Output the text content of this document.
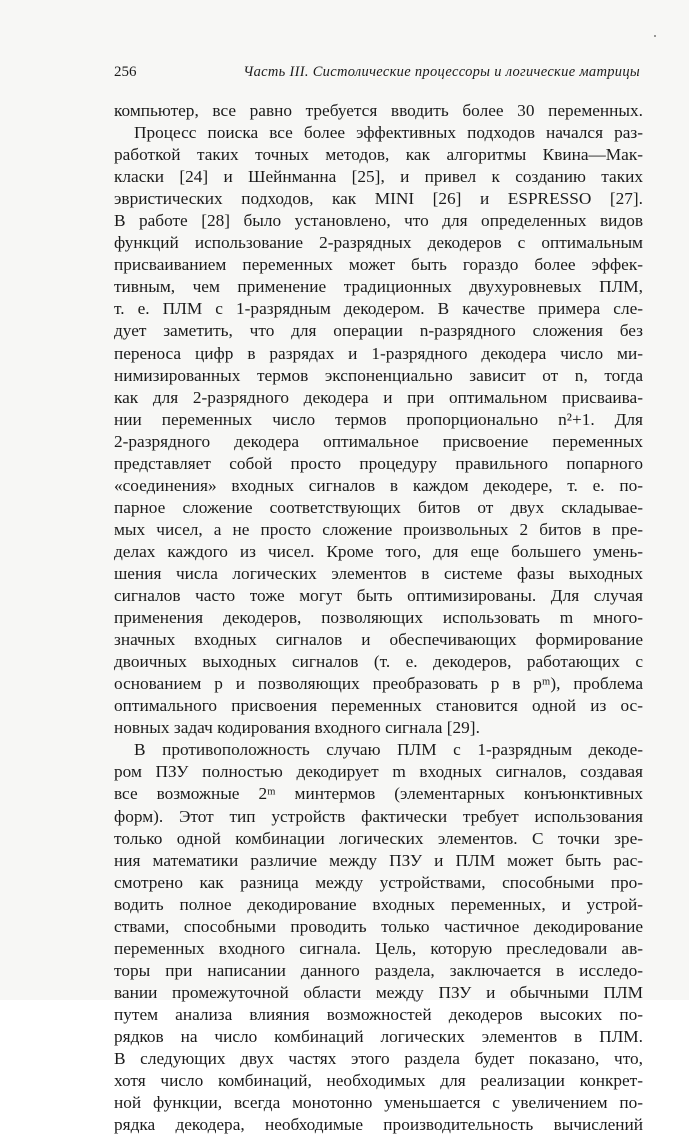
256	Часть III. Систолические процессоры и логические матрицы
компьютер, все равно требуется вводить более 30 переменных.
Процесс поиска все более эффективных подходов начался раз-
работкой таких точных методов, как алгоритмы Квина—Мак-
класки [24] и Шейнманна [25], и привел к созданию таких
эвристических подходов, как MINI [26] и ESPRESSO [27].
В работе [28] было установлено, что для определенных видов
функций использование 2-разрядных декодеров с оптимальным
присваиванием переменных может быть гораздо более эффек-
тивным, чем применение традиционных двухуровневых ПЛМ,
т. е. ПЛМ с 1-разрядным декодером. В качестве примера сле-
дует заметить, что для операции n-разрядного сложения без
переноса цифр в разрядах и 1-разрядного декодера число ми-
нимизированных термов экспоненциально зависит от n, тогда
как для 2-разрядного декодера и при оптимальном присваива-
нии переменных число термов пропорционально n²+1. Для
2-разрядного декодера оптимальное присвоение переменных
представляет собой просто процедуру правильного попарного
«соединения» входных сигналов в каждом декодере, т. е. по-
парное сложение соответствующих битов от двух складывае-
мых чисел, а не просто сложение произвольных 2 битов в пре-
делах каждого из чисел. Кроме того, для еще большего умень-
шения числа логических элементов в системе фазы выходных
сигналов часто тоже могут быть оптимизированы. Для случая
применения декодеров, позволяющих использовать m много-
значных входных сигналов и обеспечивающих формирование
двоичных выходных сигналов (т. е. декодеров, работающих с
основанием p и позволяющих преобразовать p в pᵐ), проблема
оптимального присвоения переменных становится одной из ос-
новных задач кодирования входного сигнала [29].
В противоположность случаю ПЛМ с 1-разрядным декоде-
ром ПЗУ полностью декодирует m входных сигналов, создавая
все возможные 2ᵐ минтермов (элементарных конъюнктивных
форм). Этот тип устройств фактически требует использования
только одной комбинации логических элементов. С точки зре-
ния математики различие между ПЗУ и ПЛМ может быть рас-
смотрено как разница между устройствами, способными про-
водить полное декодирование входных переменных, и устрой-
ствами, способными проводить только частичное декодирование
переменных входного сигнала. Цель, которую преследовали ав-
торы при написании данного раздела, заключается в исследо-
вании промежуточной области между ПЗУ и обычными ПЛМ
путем анализа влияния возможностей декодеров высоких по-
рядков на число комбинаций логических элементов в ПЛМ.
В следующих двух частях этого раздела будет показано, что,
хотя число комбинаций, необходимых для реализации конкрет-
ной функции, всегда монотонно уменьшается с увеличением по-
рядка декодера, необходимые производительность вычислений
